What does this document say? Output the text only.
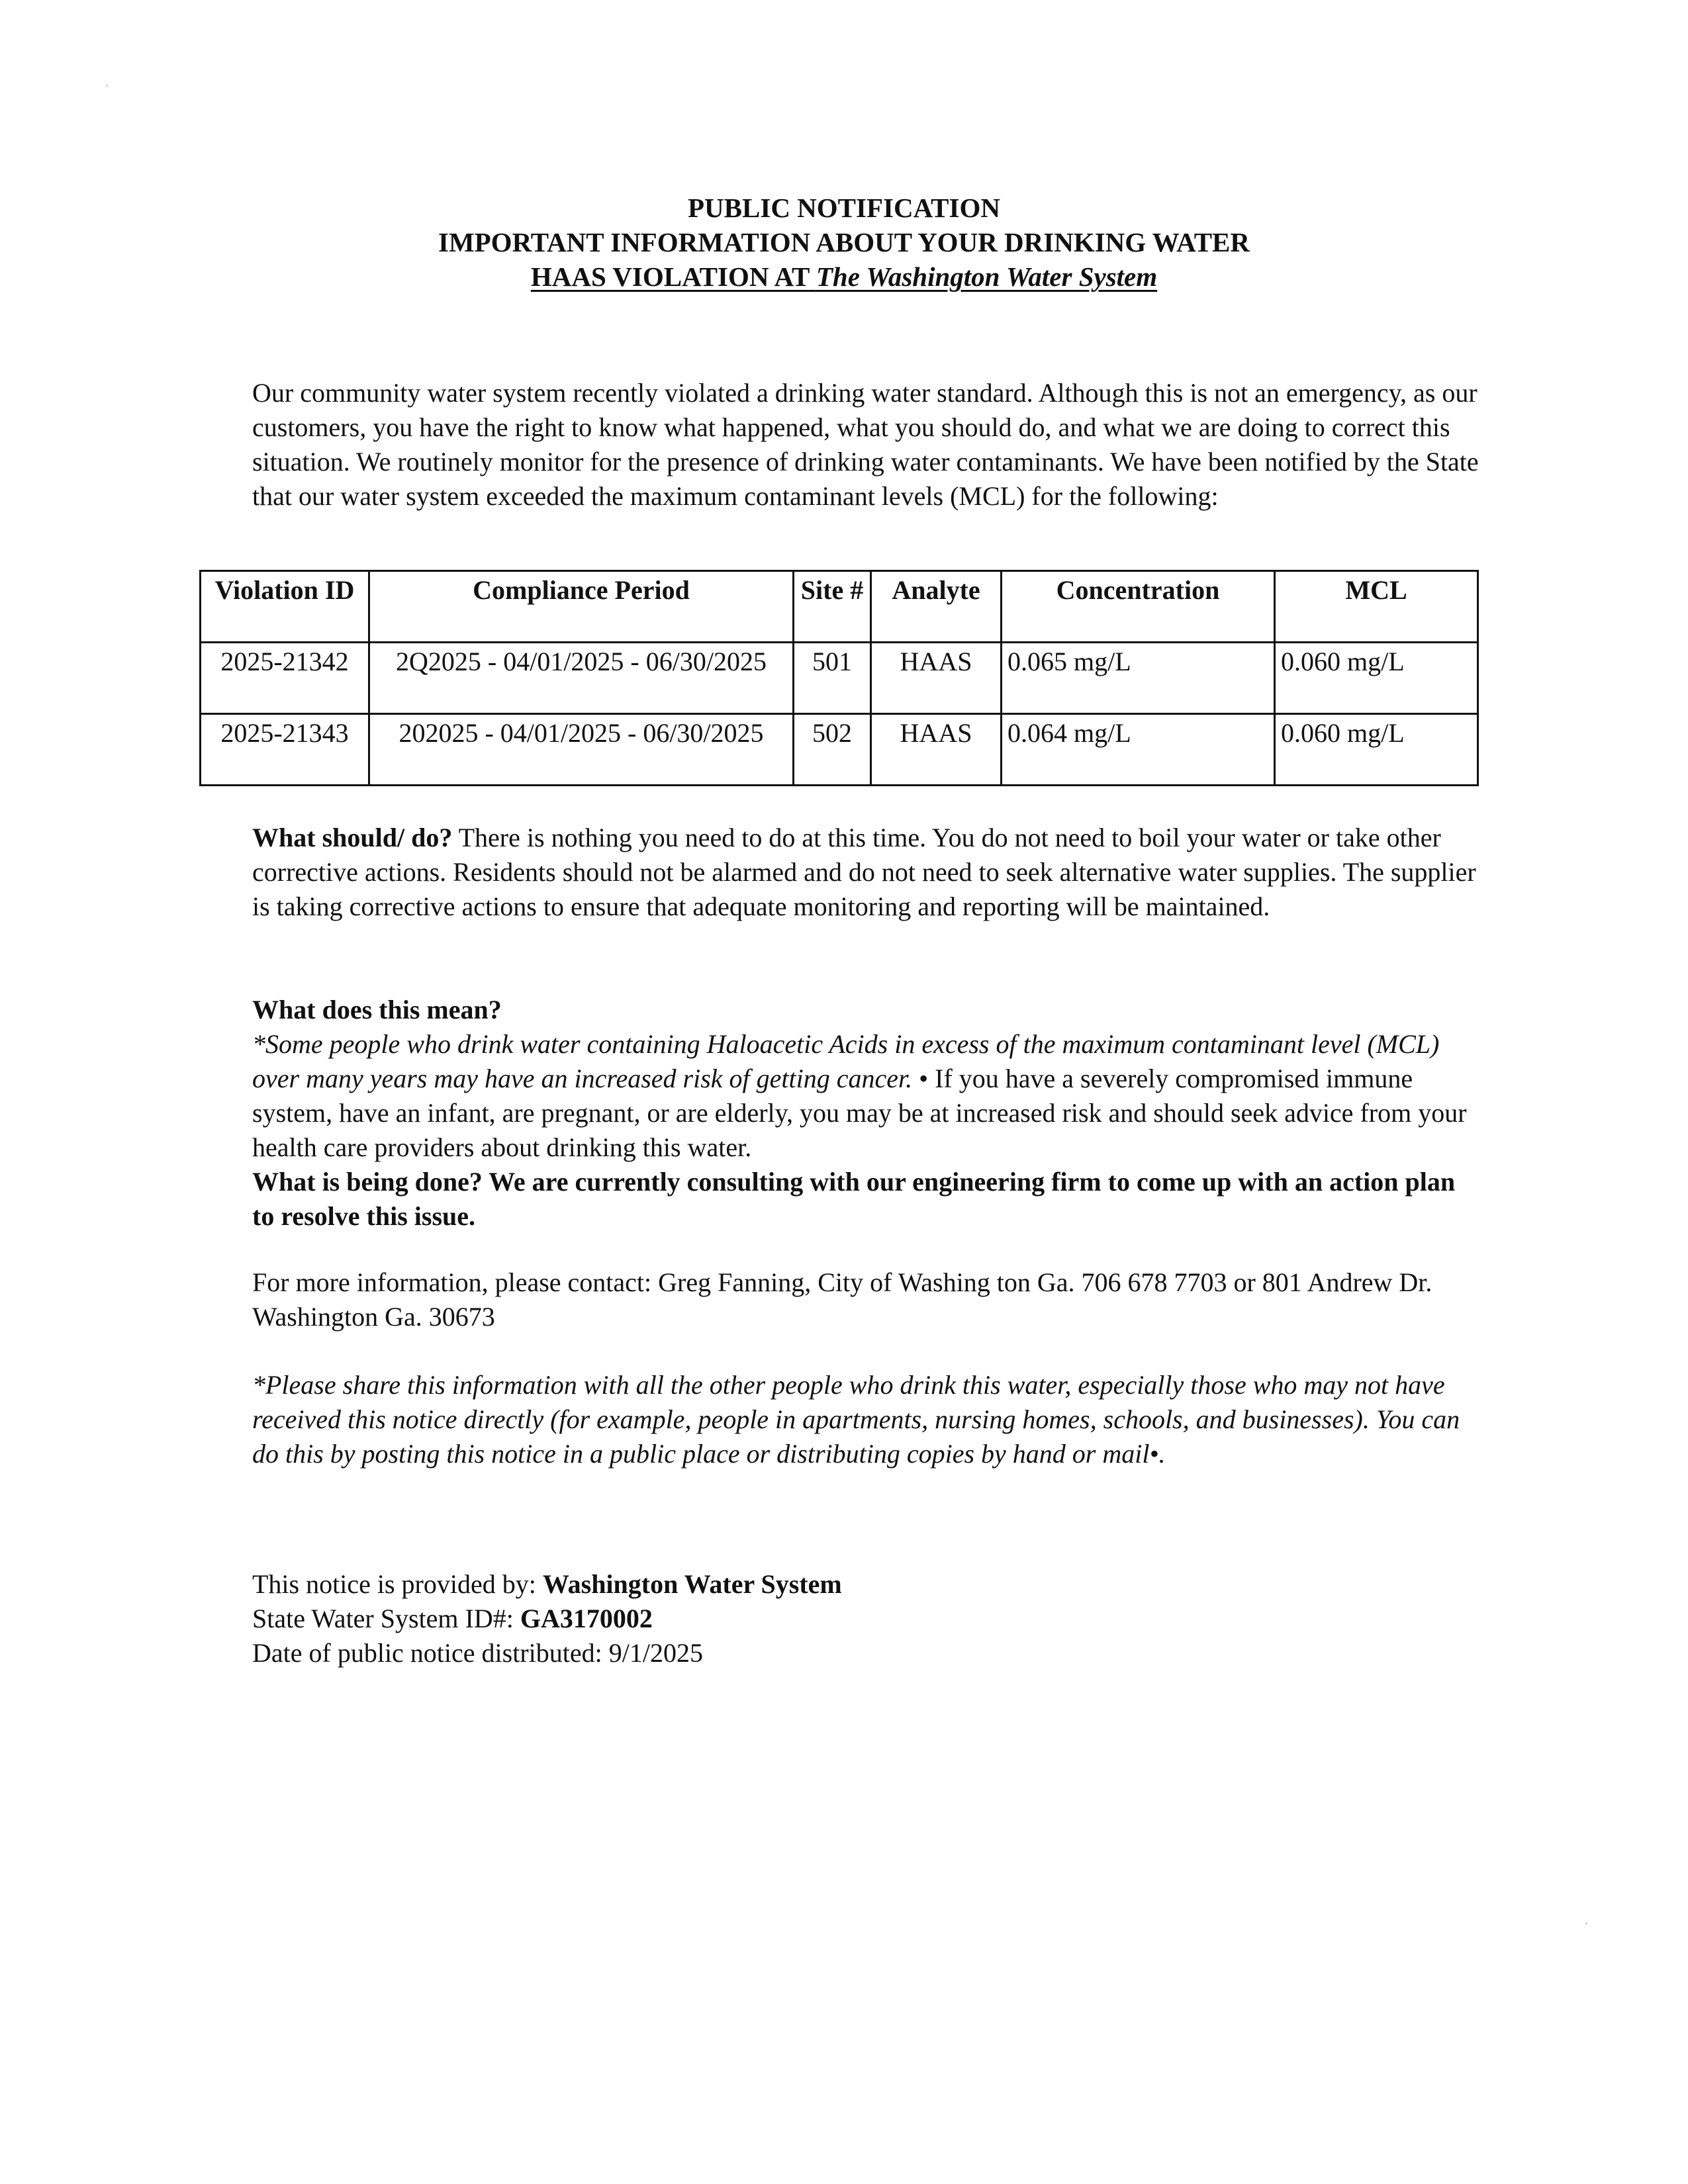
PUBLIC NOTIFICATION
IMPORTANT INFORMATION ABOUT YOUR DRINKING WATER
HAAS VIOLATION AT The Washington Water System
Our community water system recently violated a drinking water standard. Although this is not an emergency, as our customers, you have the right to know what happened, what you should do, and what we are doing to correct this situation. We routinely monitor for the presence of drinking water contaminants. We have been notified by the State that our water system exceeded the maximum contaminant levels (MCL) for the following:
Violation ID	Compliance Period	Site #	Analyte	Concentration	MCL
2025-21342	2Q2025 - 04/01/2025 - 06/30/2025	501	HAAS	0.065 mg/L	0.060 mg/L
2025-21343	202025 - 04/01/2025 - 06/30/2025	502	HAAS	0.064 mg/L	0.060 mg/L
What should/ do? There is nothing you need to do at this time. You do not need to boil your water or take other corrective actions. Residents should not be alarmed and do not need to seek alternative water supplies. The supplier is taking corrective actions to ensure that adequate monitoring and reporting will be maintained.
What does this mean?
*Some people who drink water containing Haloacetic Acids in excess of the maximum contaminant level (MCL) over many years may have an increased risk of getting cancer. • If you have a severely compromised immune system, have an infant, are pregnant, or are elderly, you may be at increased risk and should seek advice from your health care providers about drinking this water.
What is being done? We are currently consulting with our engineering firm to come up with an action plan to resolve this issue.
For more information, please contact: Greg Fanning, City of Washing ton Ga. 706 678 7703 or 801 Andrew Dr. Washington Ga. 30673
*Please share this information with all the other people who drink this water, especially those who may not have received this notice directly (for example, people in apartments, nursing homes, schools, and businesses). You can do this by posting this notice in a public place or distributing copies by hand or mail•.
This notice is provided by: Washington Water System
State Water System ID#: GA3170002
Date of public notice distributed: 9/1/2025
